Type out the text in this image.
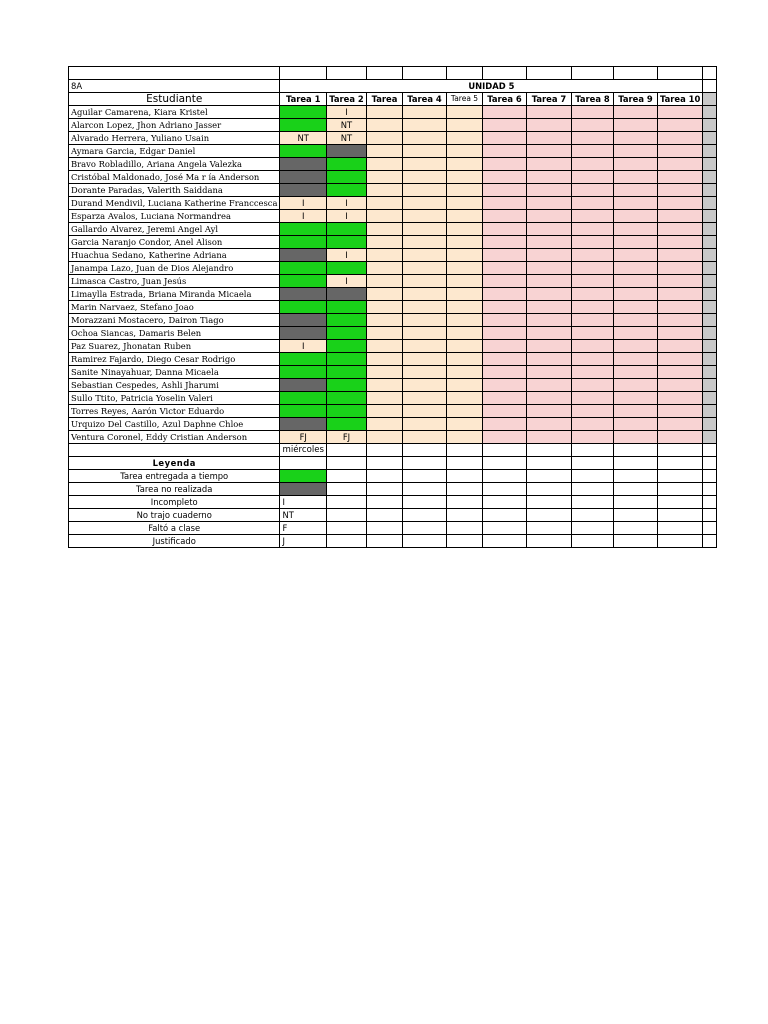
8A	UNIDAD 5										
Estudiante	Tarea 1	Tarea 2	Tarea	Tarea 4	Tarea 5	Tarea 6	Tarea 7	Tarea 8	Tarea 9	Tarea 10	
Aguilar Camarena, Kiara Kristel		I									
Alarcon Lopez, Jhon Adriano Jasser		NT									
Alvarado Herrera, Yuliano Usain	NT	NT									
Aymara Garcia, Edgar Daniel											
Bravo Robladillo, Ariana Angela Valezka											
Cristóbal Maldonado, José Ma r ía Anderson											
Dorante Paradas, Valerith Saiddana											
Durand Mendivil, Luciana Katherine Franccesca	I	I									
Esparza Avalos, Luciana Normandrea	I	I									
Gallardo Alvarez, Jeremi Angel Ayl											
Garcia Naranjo Condor, Anel Alison											
Huachua Sedano, Katherine Adriana		I									
Janampa Lazo, Juan de Dios Alejandro											
Limasca Castro, Juan Jesús		I									
Limaylla Estrada, Briana Miranda Micaela											
Marin Narvaez, Stefano Joao											
Morazzani Mostacero, Dairon Tiago											
Ochoa Siancas, Damaris Belen											
Paz Suarez, Jhonatan Ruben	I										
Ramirez Fajardo, Diego Cesar Rodrigo											
Sanite Ninayahuar, Danna Micaela											
Sebastian Cespedes, Ashli Jharumi											
Sullo Ttito, Patricia Yoselin Valeri											
Torres Reyes, Aarón Victor Eduardo											
Urquizo Del Castillo, Azul Daphne Chloe											
Ventura Coronel, Eddy Cristian Anderson	FJ	FJ									
	miércoles										
Leyenda											
Tarea entregada a tiempo											
Tarea no realizada											
Incompleto	I										
No trajo cuaderno	NT										
Faltó a clase	F										
Justificado	J										
